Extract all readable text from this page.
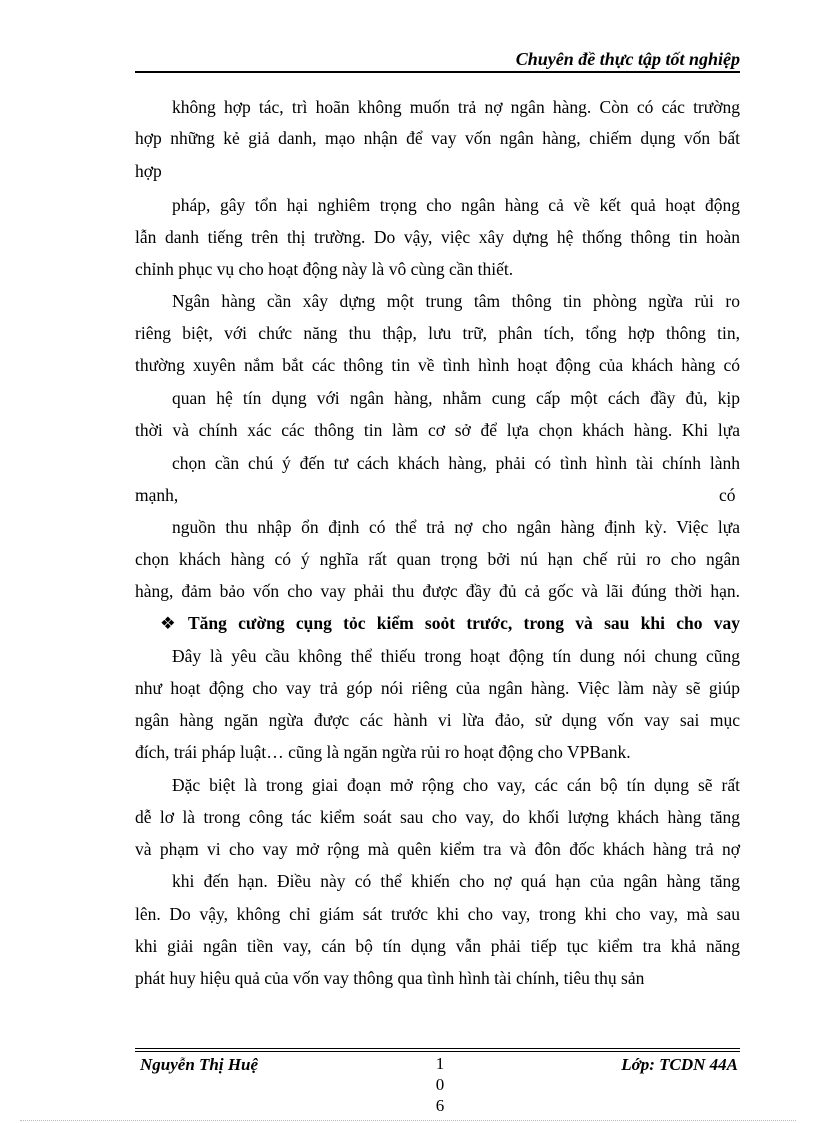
Chuyên đề thực tập tốt nghiệp
không hợp tác, trì hoãn không muốn trả nợ ngân hàng. Còn có các trường
hợp những kẻ giả danh, mạo nhận để vay vốn ngân hàng, chiếm dụng vốn bất
hợp
pháp, gây tổn hại nghiêm trọng cho ngân hàng cả về kết quả hoạt động
lẫn danh tiếng trên thị trường. Do vậy, việc xây dựng hệ thống thông tin hoàn
chỉnh phục vụ cho hoạt động này là vô cùng cần thiết.
Ngân hàng cần xây dựng một trung tâm thông tin phòng ngừa rủi ro
riêng biệt, với chức năng thu thập, lưu trữ, phân tích, tổng hợp thông tin,
thường xuyên nắm bắt các thông tin về tình hình hoạt động của khách hàng có
quan hệ tín dụng với ngân hàng, nhằm cung cấp một cách đầy đủ, kịp
thời và chính xác các thông tin làm cơ sở để lựa chọn khách hàng. Khi lựa
chọn cần chú ý đến tư cách khách hàng, phải có tình hình tài chính lành
mạnh,	có
nguồn thu nhập ổn định có thể trả nợ cho ngân hàng định kỳ. Việc lựa
chọn khách hàng có ý nghĩa rất quan trọng bởi nú hạn chế rủi ro cho ngân
hàng, đảm bảo vốn cho vay phải thu được đầy đủ cả gốc và lãi đúng thời hạn.
❖ Tăng cường cụng tỏc kiểm soỏt trước, trong và sau khi cho vay
Đây là yêu cầu không thể thiếu trong hoạt động tín dung nói chung cũng
như hoạt động cho vay trả góp nói riêng của ngân hàng. Việc làm này sẽ giúp
ngân hàng ngăn ngừa được các hành vi lừa đảo, sử dụng vốn vay sai mục
đích, trái pháp luật… cũng là ngăn ngừa rủi ro hoạt động cho VPBank.
Đặc biệt là trong giai đoạn mở rộng cho vay, các cán bộ tín dụng sẽ rất
dễ lơ là trong công tác kiểm soát sau cho vay, do khối lượng khách hàng tăng
và phạm vi cho vay mở rộng mà quên kiểm tra và đôn đốc khách hàng trả nợ
khi đến hạn. Điều này có thể khiến cho nợ quá hạn của ngân hàng tăng
lên. Do vậy, không chỉ giám sát trước khi cho vay, trong khi cho vay, mà sau
khi giải ngân tiền vay, cán bộ tín dụng vẫn phải tiếp tục kiểm tra khả năng
phát huy hiệu quả của vốn vay thông qua tình hình tài chính, tiêu thụ sản
Nguyễn Thị Huệ	1
0
6
Lớp: TCDN 44A
